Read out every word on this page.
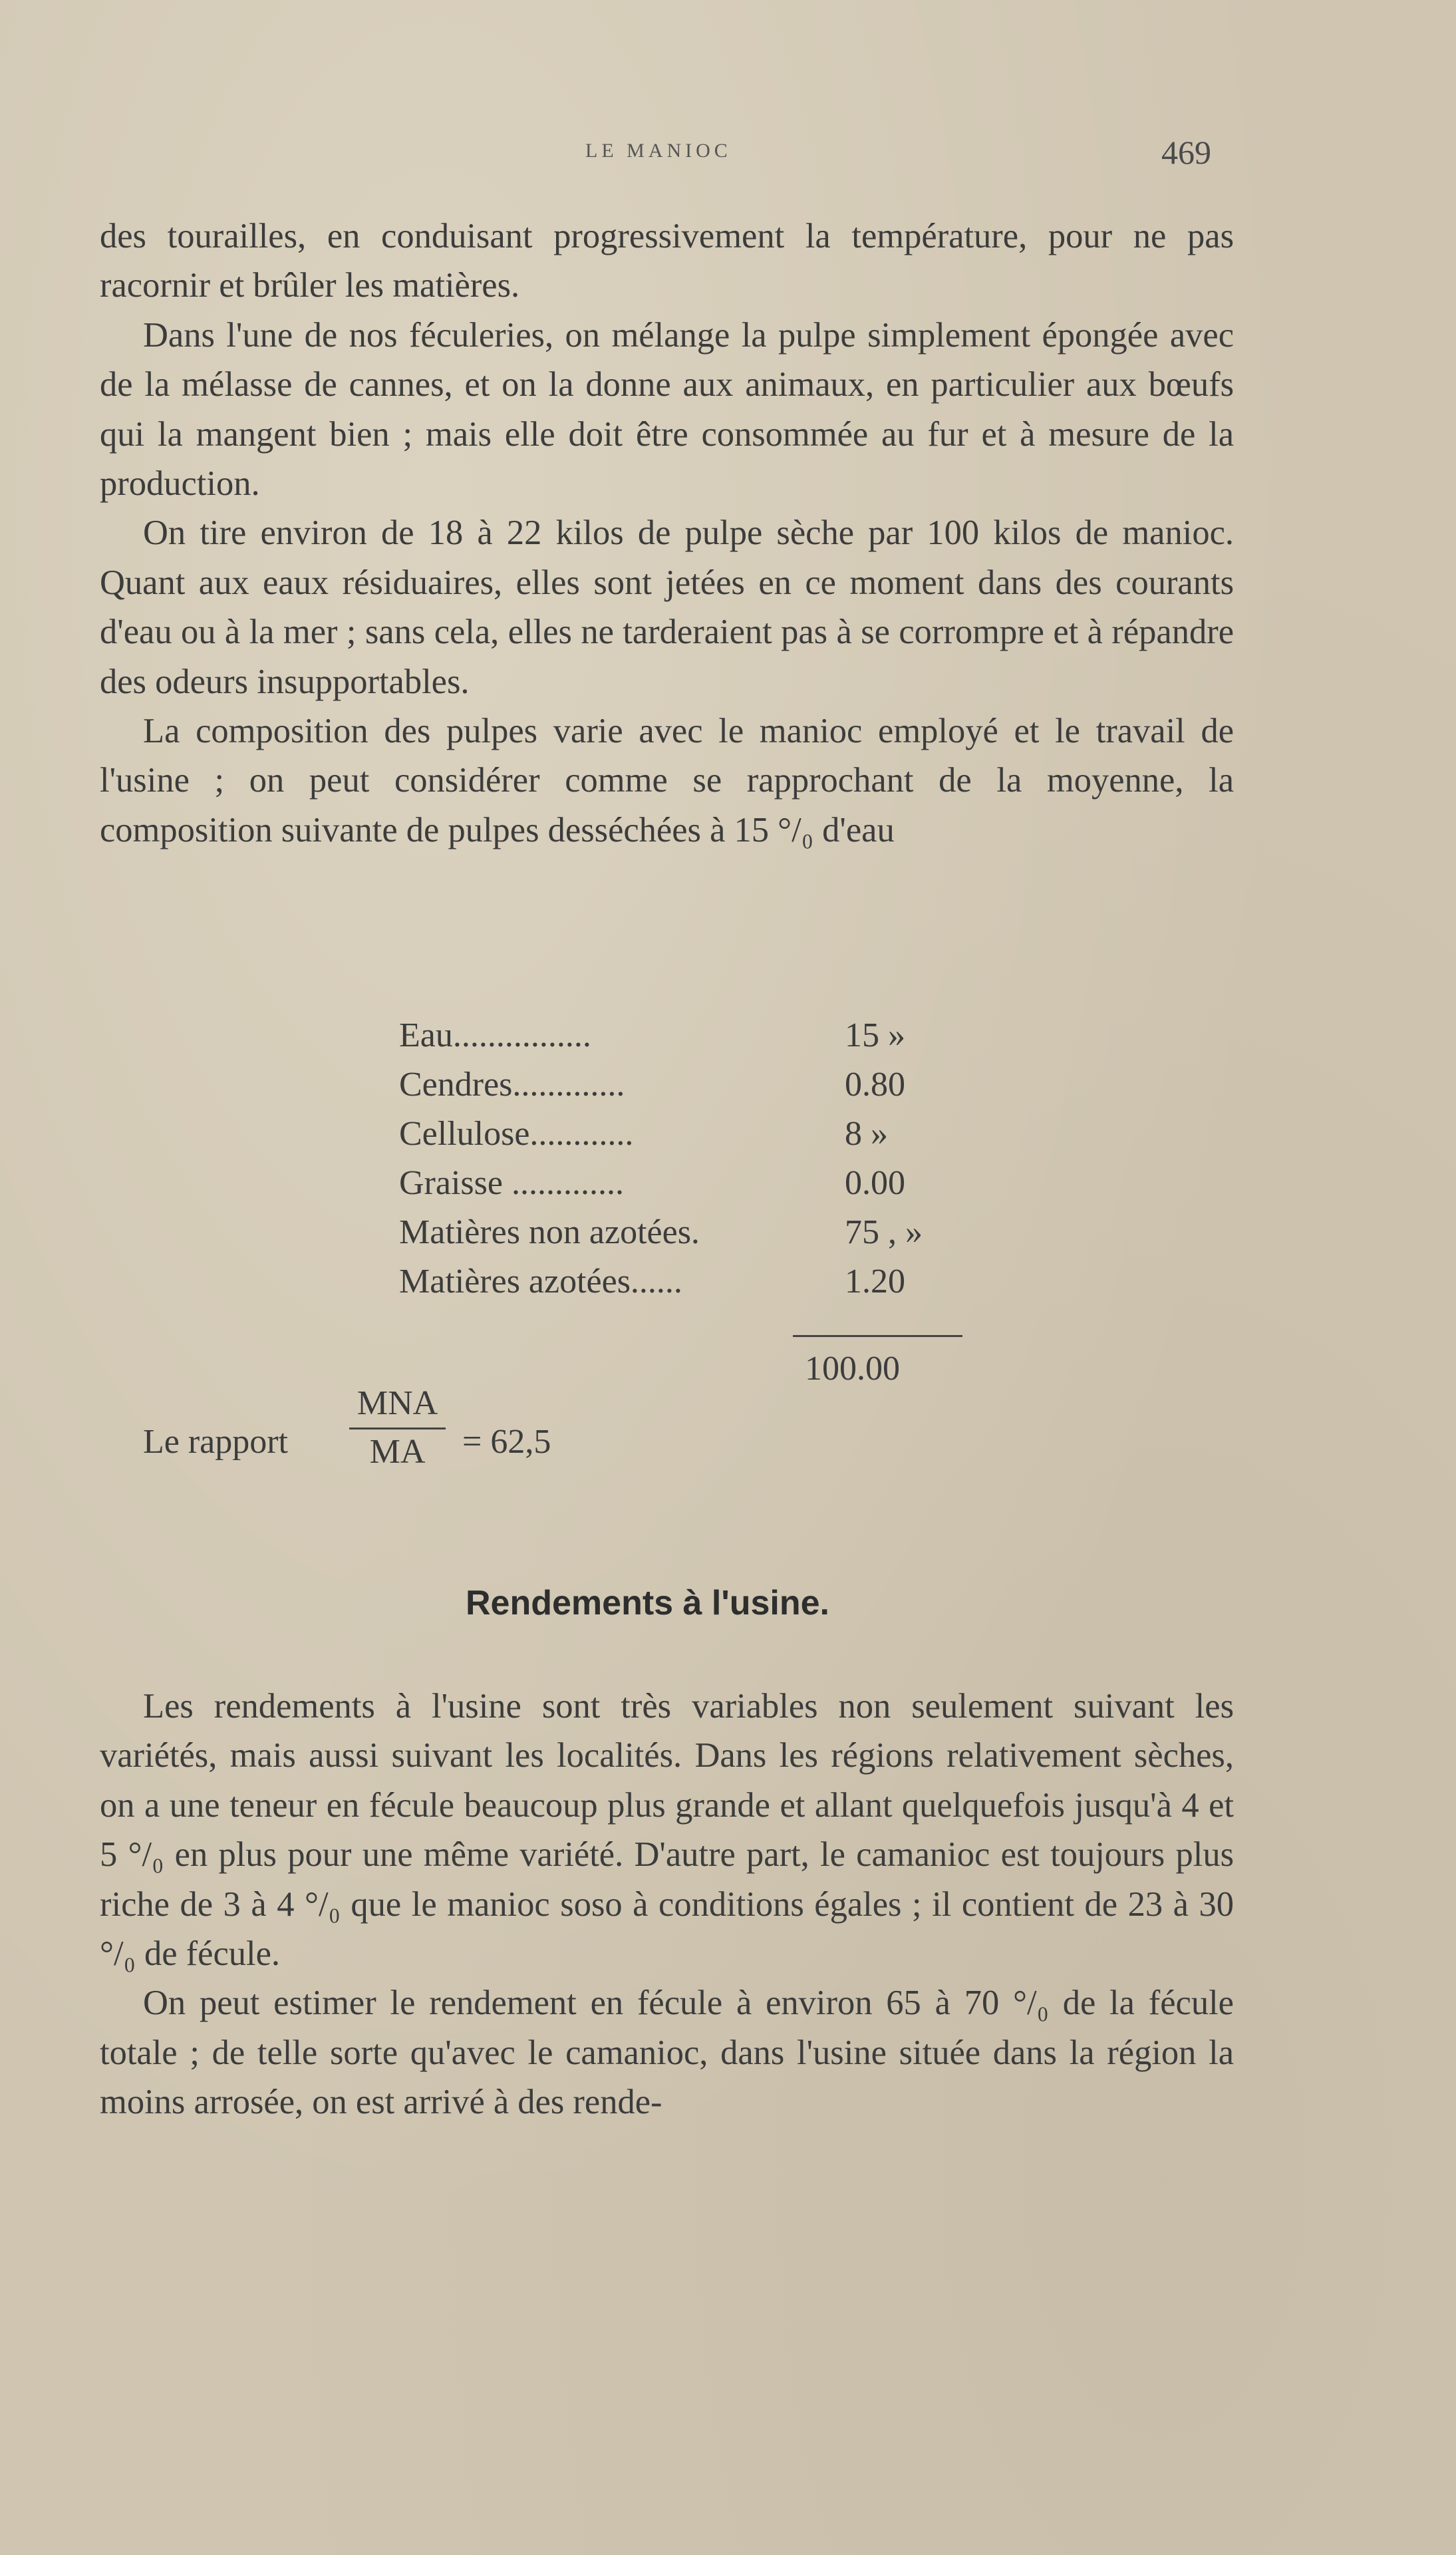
LE MANIOC	469

des tourailles, en conduisant progressivement la température, pour ne pas racornir et brûler les matières.

Dans l'une de nos féculeries, on mélange la pulpe simplement épongée avec de la mélasse de cannes, et on la donne aux animaux, en particulier aux bœufs qui la mangent bien ; mais elle doit être consommée au fur et à mesure de la production.

On tire environ de 18 à 22 kilos de pulpe sèche par 100 kilos de manioc. Quant aux eaux résiduaires, elles sont jetées en ce moment dans des courants d'eau ou à la mer ; sans cela, elles ne tarderaient pas à se corrompre et à répandre des odeurs insupportables.

La composition des pulpes varie avec le manioc employé et le travail de l'usine ; on peut considérer comme se rapprochant de la moyenne, la composition suivante de pulpes desséchées à 15 °/₀ d'eau

Eau................	15 »
Cendres.............	0.80
Cellulose............	8 »
Graisse .............	0.00
Matières non azotées.	75 , »
Matières azotées......	1.20
100.00
Le rapport
MNA
MA	= 62,5
Rendements à l'usine.

Les rendements à l'usine sont très variables non seulement suivant les variétés, mais aussi suivant les localités. Dans les régions relativement sèches, on a une teneur en fécule beaucoup plus grande et allant quelquefois jusqu'à 4 et 5 °/₀ en plus pour une même variété. D'autre part, le camanioc est toujours plus riche de 3 à 4 °/₀ que le manioc soso à conditions égales ; il contient de 23 à 30 °/₀ de fécule.

On peut estimer le rendement en fécule à environ 65 à 70 °/₀ de la fécule totale ; de telle sorte qu'avec le camanioc, dans l'usine située dans la région la moins arrosée, on est arrivé à des rende-
